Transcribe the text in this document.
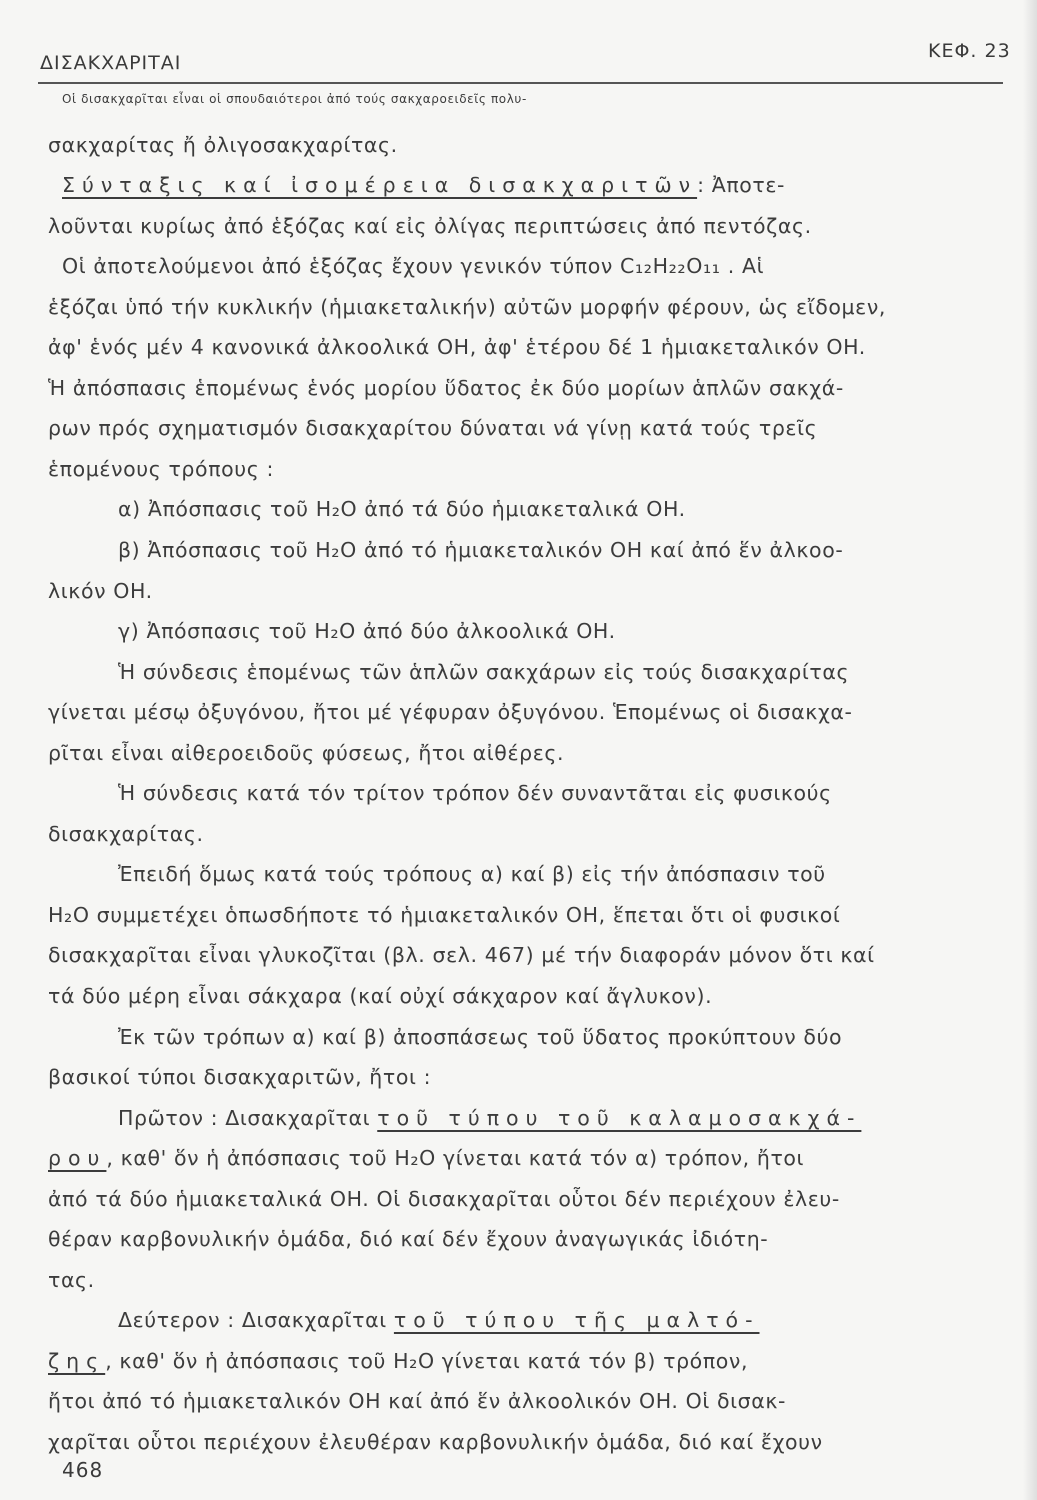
ΔΙΣΑΚΧΑΡΙΤΑΙ
ΚΕΦ. 23
Οἱ δισακχαρῖται εἶναι οἱ σπουδαιότεροι ἀπό τούς σακχαροειδεῖς πολυ-
σακχαρίτας ἤ ὀλιγοσακχαρίτας.
Σύνταξις καί ἰσομέρεια δισακχαριτῶν: Ἀποτε-
λοῦνται κυρίως ἀπό ἑξόζας καί εἰς ὀλίγας περιπτώσεις ἀπό πεντόζας.
Οἱ ἀποτελούμενοι ἀπό ἑξόζας ἔχουν γενικόν τύπον C₁₂H₂₂O₁₁ . Αἱ
ἑξόζαι ὑπό τήν κυκλικήν (ἡμιακεταλικήν) αὐτῶν μορφήν φέρουν, ὡς εἴδομεν,
ἀφ' ἑνός μέν 4 κανονικά ἀλκοολικά OH, ἀφ' ἑτέρου δέ 1 ἡμιακεταλικόν OH.
Ἡ ἀπόσπασις ἑπομένως ἑνός μορίου ὕδατος ἐκ δύο μορίων ἁπλῶν σακχά-
ρων πρός σχηματισμόν δισακχαρίτου δύναται νά γίνῃ κατά τούς τρεῖς
ἑπομένους τρόπους :
α) Ἀπόσπασις τοῦ H₂O ἀπό τά δύο ἡμιακεταλικά OH.
β) Ἀπόσπασις τοῦ H₂O ἀπό τό ἡμιακεταλικόν OH καί ἀπό ἕν ἀλκοο-
λικόν OH.
γ) Ἀπόσπασις τοῦ H₂O ἀπό δύο ἀλκοολικά OH.
Ἡ σύνδεσις ἑπομένως τῶν ἁπλῶν σακχάρων εἰς τούς δισακχαρίτας
γίνεται μέσῳ ὀξυγόνου, ἤτοι μέ γέφυραν ὀξυγόνου. Ἑπομένως οἱ δισακχα-
ρῖται εἶναι αἰθεροειδοῦς φύσεως, ἤτοι αἰθέρες.
Ἡ σύνδεσις κατά τόν τρίτον τρόπον δέν συναντᾶται εἰς φυσικούς
δισακχαρίτας.
Ἐπειδή ὅμως κατά τούς τρόπους α) καί β) εἰς τήν ἀπόσπασιν τοῦ
H₂O συμμετέχει ὁπωσδήποτε τό ἡμιακεταλικόν OH, ἕπεται ὅτι οἱ φυσικοί
δισακχαρῖται εἶναι γλυκοζῖται (βλ. σελ. 467) μέ τήν διαφοράν μόνον ὅτι καί
τά δύο μέρη εἶναι σάκχαρα (καί οὐχί σάκχαρον καί ἄγλυκον).
Ἐκ τῶν τρόπων α) καί β) ἀποσπάσεως τοῦ ὕδατος προκύπτουν δύο
βασικοί τύποι δισακχαριτῶν, ἤτοι :
Πρῶτον : Δισακχαρῖται τοῦ τύπου τοῦ καλαμοσακχά-
ρου, καθ' ὅν ἡ ἀπόσπασις τοῦ H₂O γίνεται κατά τόν α) τρόπον, ἤτοι
ἀπό τά δύο ἡμιακεταλικά OH. Οἱ δισακχαρῖται οὗτοι δέν περιέχουν ἐλευ-
θέραν καρβονυλικήν ὁμάδα, διό καί δέν ἔχουν ἀναγωγικάς ἰδιότη-
τας.
Δεύτερον : Δισακχαρῖται τοῦ τύπου τῆς μαλτό-
ζης, καθ' ὅν ἡ ἀπόσπασις τοῦ H₂O γίνεται κατά τόν β) τρόπον,
ἤτοι ἀπό τό ἡμιακεταλικόν OH καί ἀπό ἕν ἀλκοολικόν OH. Οἱ δισακ-
χαρῖται οὗτοι περιέχουν ἐλευθέραν καρβονυλικήν ὁμάδα, διό καί ἔχουν
468
